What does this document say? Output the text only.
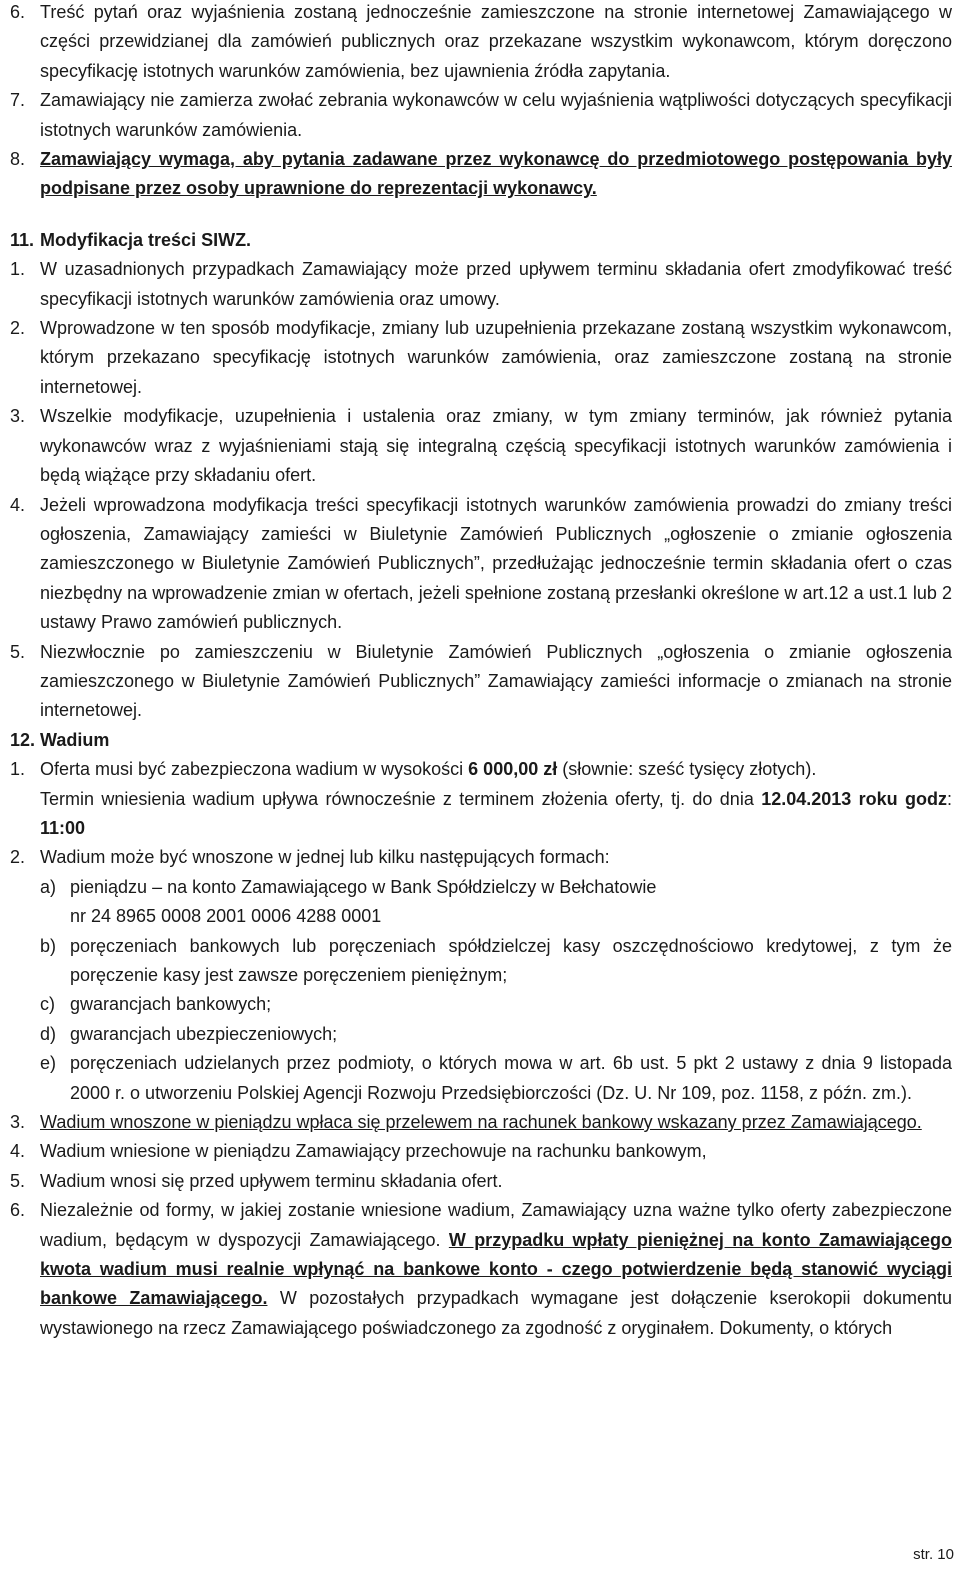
6. Treść pytań oraz wyjaśnienia zostaną jednocześnie zamieszczone na stronie internetowej Zamawiającego w części przewidzianej dla zamówień publicznych oraz przekazane wszystkim wykonawcom, którym doręczono specyfikację istotnych warunków zamówienia, bez ujawnienia źródła zapytania.
7. Zamawiający nie zamierza zwołać zebrania wykonawców w celu wyjaśnienia wątpliwości dotyczących specyfikacji istotnych warunków zamówienia.
8. Zamawiający wymaga, aby pytania zadawane przez wykonawcę do przedmiotowego postępowania były podpisane przez osoby uprawnione do reprezentacji wykonawcy.
11. Modyfikacja treści SIWZ.
1. W uzasadnionych przypadkach Zamawiający może przed upływem terminu składania ofert zmodyfikować treść specyfikacji istotnych warunków zamówienia oraz umowy.
2. Wprowadzone w ten sposób modyfikacje, zmiany lub uzupełnienia przekazane zostaną wszystkim wykonawcom, którym przekazano specyfikację istotnych warunków zamówienia, oraz zamieszczone zostaną na stronie internetowej.
3. Wszelkie modyfikacje, uzupełnienia i ustalenia oraz zmiany, w tym zmiany terminów, jak również pytania wykonawców wraz z wyjaśnieniami stają się integralną częścią specyfikacji istotnych warunków zamówienia i będą wiążące przy składaniu ofert.
4. Jeżeli wprowadzona modyfikacja treści specyfikacji istotnych warunków zamówienia prowadzi do zmiany treści ogłoszenia, Zamawiający zamieści w Biuletynie Zamówień Publicznych „ogłoszenie o zmianie ogłoszenia zamieszczonego w Biuletynie Zamówień Publicznych”, przedłużając jednocześnie termin składania ofert o czas niezbędny na wprowadzenie zmian w ofertach, jeżeli spełnione zostaną przesłanki określone w art.12 a ust.1 lub 2 ustawy Prawo zamówień publicznych.
5. Niezwłocznie po zamieszczeniu w Biuletynie Zamówień Publicznych „ogłoszenia o zmianie ogłoszenia zamieszczonego w Biuletynie Zamówień Publicznych” Zamawiający zamieści informacje o zmianach na stronie internetowej.
12. Wadium
1. Oferta musi być zabezpieczona wadium w wysokości 6 000,00 zł (słownie: sześć tysięcy złotych).
Termin wniesienia wadium upływa równocześnie z terminem złożenia oferty, tj. do dnia 12.04.2013 roku godz: 11:00
2. Wadium może być wnoszone w jednej lub kilku następujących formach:
a) pieniądzu – na konto Zamawiającego w Bank Spółdzielczy w Bełchatowie
nr 24 8965 0008 2001 0006 4288 0001
b) poręczeniach bankowych lub poręczeniach spółdzielczej kasy oszczędnościowo kredytowej, z tym że poręczenie kasy jest zawsze poręczeniem pieniężnym;
c) gwarancjach bankowych;
d) gwarancjach ubezpieczeniowych;
e) poręczeniach udzielanych przez podmioty, o których mowa w art. 6b ust. 5 pkt 2 ustawy z dnia 9 listopada 2000 r. o utworzeniu Polskiej Agencji Rozwoju Przedsiębiorczości (Dz. U. Nr 109, poz. 1158, z późn. zm.).
3. Wadium wnoszone w pieniądzu wpłaca się przelewem na rachunek bankowy wskazany przez Zamawiającego.
4. Wadium wniesione w pieniądzu Zamawiający przechowuje na rachunku bankowym,
5. Wadium wnosi się przed upływem terminu składania ofert.
6. Niezależnie od formy, w jakiej zostanie wniesione wadium, Zamawiający uzna ważne tylko oferty zabezpieczone wadium, będącym w dyspozycji Zamawiającego. W przypadku wpłaty pieniężnej na konto Zamawiającego kwota wadium musi realnie wpłynąć na bankowe konto - czego potwierdzenie będą stanowić wyciągi bankowe Zamawiającego. W pozostałych przypadkach wymagane jest dołączenie kserokopii dokumentu wystawionego na rzecz Zamawiającego poświadczonego za zgodność z oryginałem. Dokumenty, o których
str. 10
